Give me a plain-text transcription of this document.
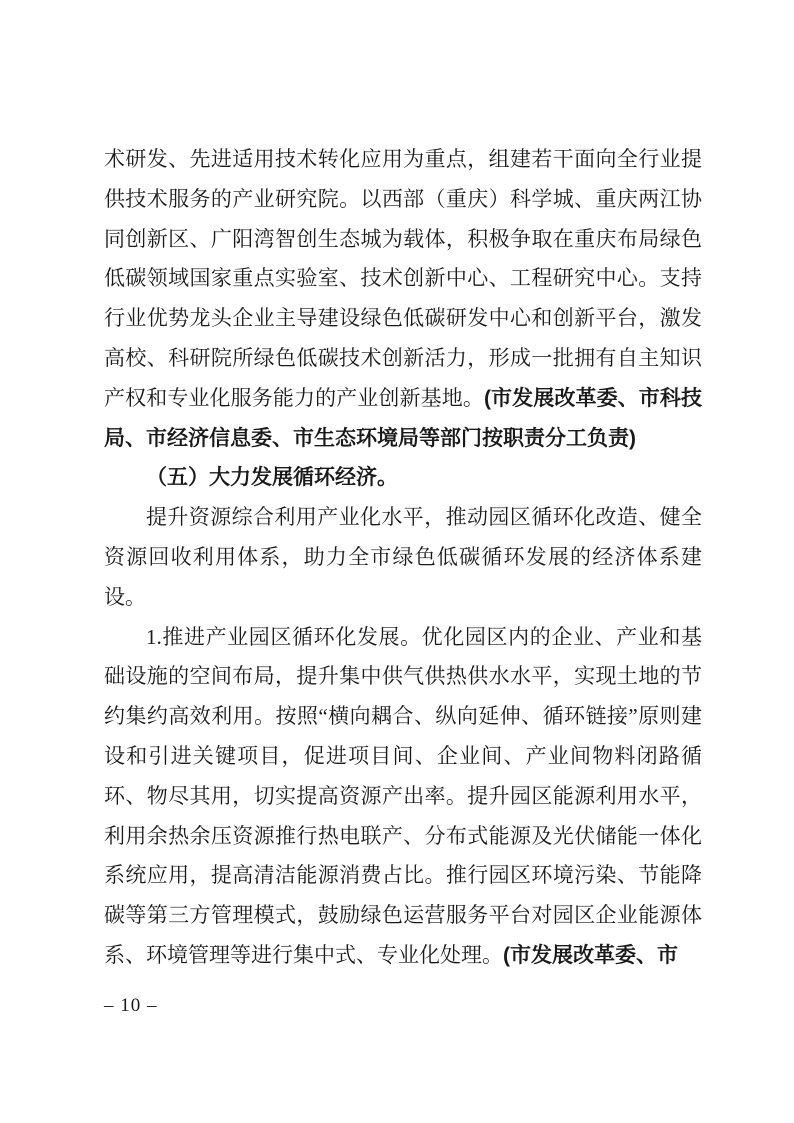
术研发、先进适用技术转化应用为重点，组建若干面向全行业提供技术服务的产业研究院。以西部（重庆）科学城、重庆两江协同创新区、广阳湾智创生态城为载体，积极争取在重庆布局绿色低碳领域国家重点实验室、技术创新中心、工程研究中心。支持行业优势龙头企业主导建设绿色低碳研发中心和创新平台，激发高校、科研院所绿色低碳技术创新活力，形成一批拥有自主知识产权和专业化服务能力的产业创新基地。(市发展改革委、市科技局、市经济信息委、市生态环境局等部门按职责分工负责)

（五）大力发展循环经济。

提升资源综合利用产业化水平，推动园区循环化改造、健全资源回收利用体系，助力全市绿色低碳循环发展的经济体系建设。

1.推进产业园区循环化发展。优化园区内的企业、产业和基础设施的空间布局，提升集中供气供热供水水平，实现土地的节约集约高效利用。按照“横向耦合、纵向延伸、循环链接”原则建设和引进关键项目，促进项目间、企业间、产业间物料闭路循环、物尽其用，切实提高资源产出率。提升园区能源利用水平，利用余热余压资源推行热电联产、分布式能源及光伏储能一体化系统应用，提高清洁能源消费占比。推行园区环境污染、节能降碳等第三方管理模式，鼓励绿色运营服务平台对园区企业能源体系、环境管理等进行集中式、专业化处理。(市发展改革委、市

– 10 –
